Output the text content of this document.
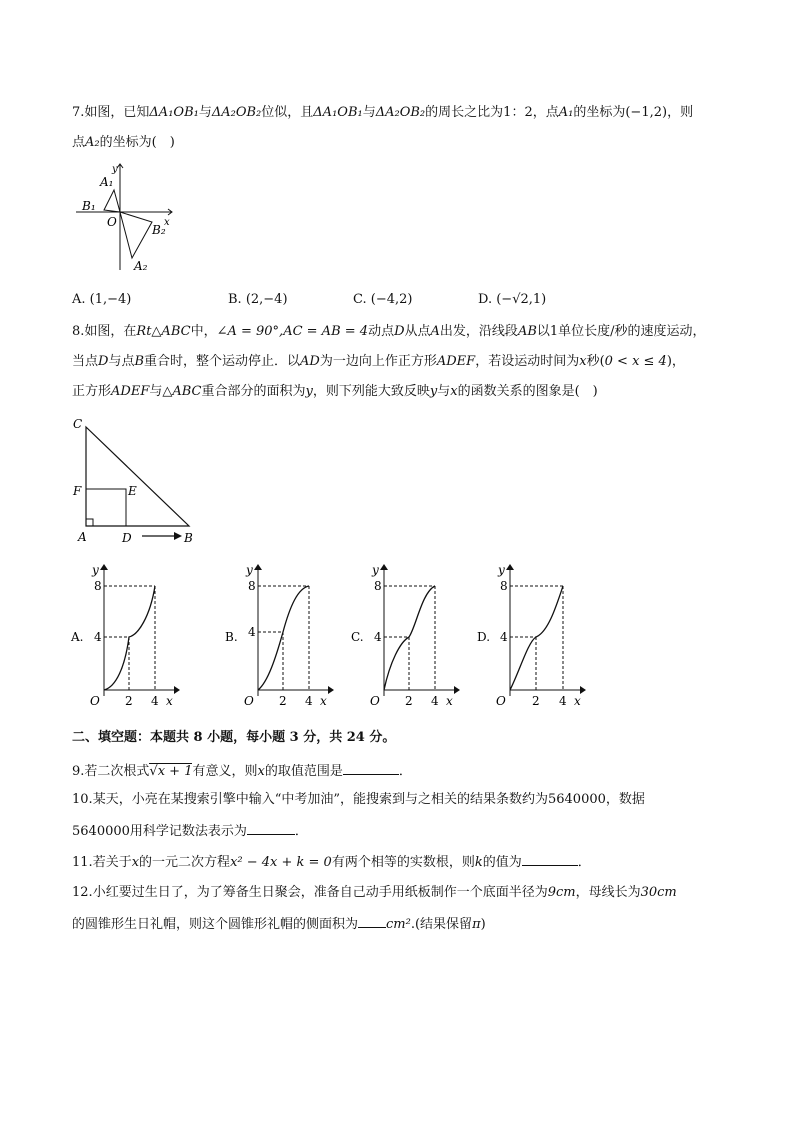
7.如图，已知ΔA₁OB₁与ΔA₂OB₂位似，且ΔA₁OB₁与ΔA₂OB₂的周长之比为1：2，点A₁的坐标为(−1,2)，则
点A₂的坐标为(　)
A₁
B₁
O
B₂
A₂
x
y
A. (1,−4)	B. (2,−4)	C. (−4,2)	D. (−√2,1)
8.如图，在Rt△ABC中，∠A = 90°,AC = AB = 4动点D从点A出发，沿线段AB以1单位长度/秒的速度运动，
当点D与点B重合时，整个运动停止．以AD为一边向上作正方形ADEF，若设运动时间为x秒(0 < x ≤ 4)，
正方形ADEF与△ABC重合部分的面积为y，则下列能大致反映y与x的函数关系的图象是(　)
C
F	E
A	D	B
A.
8
4
2 4
O	x
y
B.
8
4
2 4
O	x
y
C.
8
4
2 4
O	x
y
D.
8
4
2 4
O	x
y
二、填空题：本题共 8 小题，每小题 3 分，共 24 分。
9.若二次根式√x + 1有意义，则x的取值范围是	．
10.某天，小亮在某搜索引擎中输入“中考加油”，能搜索到与之相关的结果条数约为5640000，数据
5640000用科学记数法表示为	．
11.若关于x的一元二次方程x² − 4x + k = 0有两个相等的实数根，则k的值为	．
12.小红要过生日了，为了筹备生日聚会，准备自己动手用纸板制作一个底面半径为9cm，母线长为30cm
的圆锥形生日礼帽，则这个圆锥形礼帽的侧面积为 cm².(结果保留π)
